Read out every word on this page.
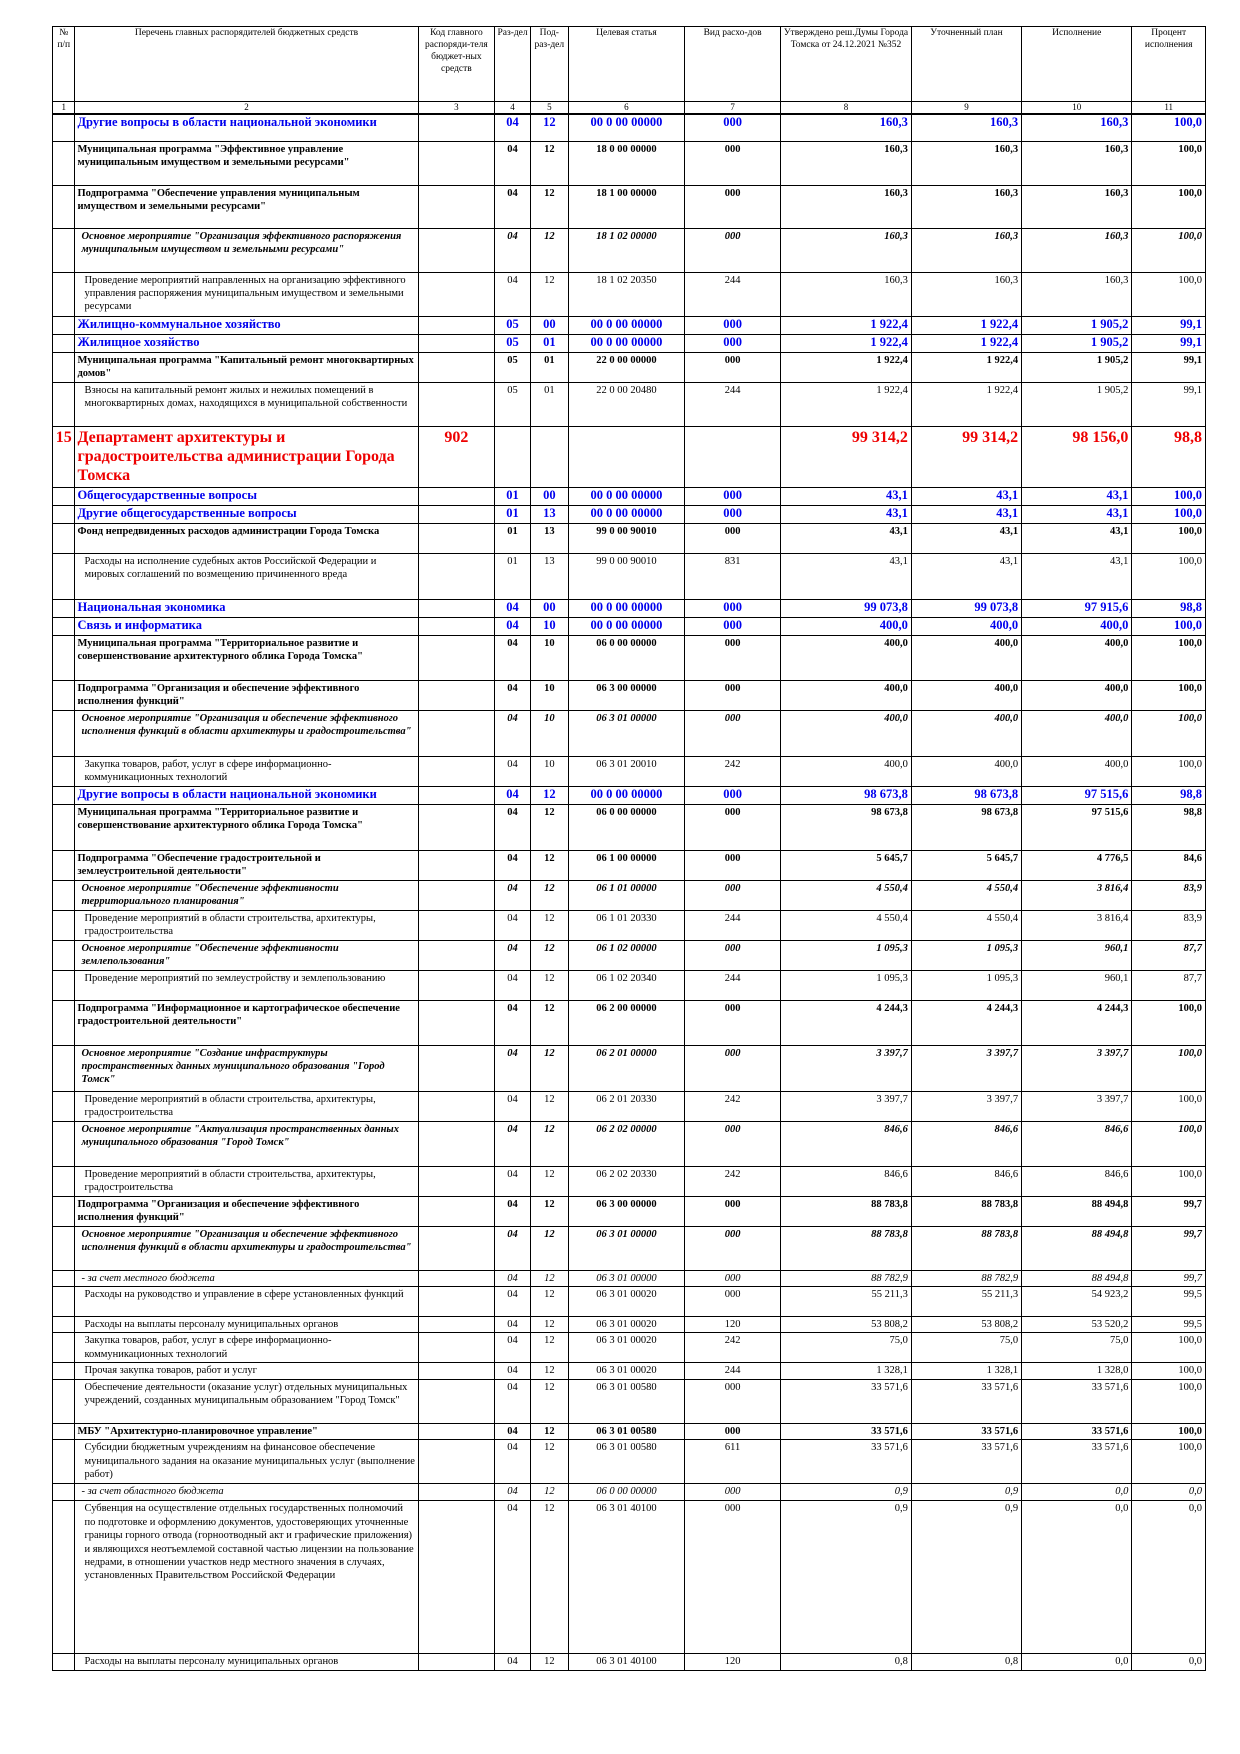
№ п/п	Перечень главных распорядителей бюджетных средств	Код главного распоряди-теля бюджет-ных средств	Раз-дел	Под-раз-дел	Целевая статья	Вид расхо-дов	Утверждено реш.Думы Города Томска от 24.12.2021 №352	Уточненный план	Исполнение	Процент исполнения
1	2	3	4	5	6	7	8	9	10	11
	Другие вопросы в области национальной экономики		04	12	00 0 00 00000	000	160,3	160,3	160,3	100,0
	Муниципальная программа "Эффективное управление муниципальным имуществом и земельными ресурсами"		04	12	18 0 00 00000	000	160,3	160,3	160,3	100,0
	Подпрограмма "Обеспечение управления муниципальным имуществом и земельными ресурсами"		04	12	18 1 00 00000	000	160,3	160,3	160,3	100,0
	Основное мероприятие "Организация эффективного распоряжения муниципальным имуществом и земельными ресурсами"		04	12	18 1 02 00000	000	160,3	160,3	160,3	100,0
	Проведение мероприятий направленных на организацию эффективного управления распоряжения муниципальным имуществом и земельными ресурсами		04	12	18 1 02 20350	244	160,3	160,3	160,3	100,0
	Жилищно-коммунальное хозяйство		05	00	00 0 00 00000	000	1 922,4	1 922,4	1 905,2	99,1
	Жилищное хозяйство		05	01	00 0 00 00000	000	1 922,4	1 922,4	1 905,2	99,1
	Муниципальная программа "Капитальный ремонт многоквартирных домов"		05	01	22 0 00 00000	000	1 922,4	1 922,4	1 905,2	99,1
	Взносы на капитальный ремонт жилых и нежилых помещений в многоквартирных домах, находящихся в муниципальной собственности		05	01	22 0 00 20480	244	1 922,4	1 922,4	1 905,2	99,1
15	Департамент архитектуры и градостроительства администрации Города Томска	902					99 314,2	99 314,2	98 156,0	98,8
	Общегосударственные вопросы		01	00	00 0 00 00000	000	43,1	43,1	43,1	100,0
	Другие общегосударственные вопросы		01	13	00 0 00 00000	000	43,1	43,1	43,1	100,0
	Фонд непредвиденных расходов администрации Города Томска		01	13	99 0 00 90010	000	43,1	43,1	43,1	100,0
	Расходы на исполнение судебных актов Российской Федерации и мировых соглашений по возмещению причиненного вреда		01	13	99 0 00 90010	831	43,1	43,1	43,1	100,0
	Национальная экономика		04	00	00 0 00 00000	000	99 073,8	99 073,8	97 915,6	98,8
	Связь и информатика		04	10	00 0 00 00000	000	400,0	400,0	400,0	100,0
	Муниципальная программа "Территориальное развитие и совершенствование архитектурного облика Города Томска"		04	10	06 0 00 00000	000	400,0	400,0	400,0	100,0
	Подпрограмма "Организация и обеспечение эффективного исполнения функций"		04	10	06 3 00 00000	000	400,0	400,0	400,0	100,0
	Основное мероприятие "Организация и обеспечение эффективного исполнения функций в области архитектуры и градостроительства"		04	10	06 3 01 00000	000	400,0	400,0	400,0	100,0
	Закупка товаров, работ, услуг в сфере информационно-коммуникационных технологий		04	10	06 3 01 20010	242	400,0	400,0	400,0	100,0
	Другие вопросы в области национальной экономики		04	12	00 0 00 00000	000	98 673,8	98 673,8	97 515,6	98,8
	Муниципальная программа "Территориальное развитие и совершенствование архитектурного облика Города Томска"		04	12	06 0 00 00000	000	98 673,8	98 673,8	97 515,6	98,8
	Подпрограмма "Обеспечение градостроительной и землеустроительной деятельности"		04	12	06 1 00 00000	000	5 645,7	5 645,7	4 776,5	84,6
	Основное мероприятие "Обеспечение эффективности территориального планирования"		04	12	06 1 01 00000	000	4 550,4	4 550,4	3 816,4	83,9
	Проведение мероприятий в области строительства, архитектуры, градостроительства		04	12	06 1 01 20330	244	4 550,4	4 550,4	3 816,4	83,9
	Основное мероприятие "Обеспечение эффективности землепользования"		04	12	06 1 02 00000	000	1 095,3	1 095,3	960,1	87,7
	Проведение мероприятий по землеустройству и землепользованию		04	12	06 1 02 20340	244	1 095,3	1 095,3	960,1	87,7
	Подпрограмма "Информационное и картографическое обеспечение градостроительной деятельности"		04	12	06 2 00 00000	000	4 244,3	4 244,3	4 244,3	100,0
	Основное мероприятие "Создание инфраструктуры пространственных данных муниципального образования "Город Томск"		04	12	06 2 01 00000	000	3 397,7	3 397,7	3 397,7	100,0
	Проведение мероприятий в области строительства, архитектуры, градостроительства		04	12	06 2 01 20330	242	3 397,7	3 397,7	3 397,7	100,0
	Основное мероприятие "Актуализация пространственных данных муниципального образования "Город Томск"		04	12	06 2 02 00000	000	846,6	846,6	846,6	100,0
	Проведение мероприятий в области строительства, архитектуры, градостроительства		04	12	06 2 02 20330	242	846,6	846,6	846,6	100,0
	Подпрограмма "Организация и обеспечение эффективного исполнения функций"		04	12	06 3 00 00000	000	88 783,8	88 783,8	88 494,8	99,7
	Основное мероприятие "Организация и обеспечение эффективного исполнения функций в области архитектуры и градостроительства"		04	12	06 3 01 00000	000	88 783,8	88 783,8	88 494,8	99,7
	- за счет местного бюджета		04	12	06 3 01 00000	000	88 782,9	88 782,9	88 494,8	99,7
	Расходы на руководство и управление в сфере установленных функций		04	12	06 3 01 00020	000	55 211,3	55 211,3	54 923,2	99,5
	Расходы на выплаты персоналу муниципальных органов		04	12	06 3 01 00020	120	53 808,2	53 808,2	53 520,2	99,5
	Закупка товаров, работ, услуг в сфере информационно-коммуникационных технологий		04	12	06 3 01 00020	242	75,0	75,0	75,0	100,0
	Прочая закупка товаров, работ и услуг		04	12	06 3 01 00020	244	1 328,1	1 328,1	1 328,0	100,0
	Обеспечение деятельности (оказание услуг) отдельных муниципальных учреждений, созданных муниципальным образованием "Город Томск"		04	12	06 3 01 00580	000	33 571,6	33 571,6	33 571,6	100,0
	МБУ "Архитектурно-планировочное управление"		04	12	06 3 01 00580	000	33 571,6	33 571,6	33 571,6	100,0
	Субсидии бюджетным учреждениям на финансовое обеспечение муниципального задания на оказание муниципальных услуг (выполнение работ)		04	12	06 3 01 00580	611	33 571,6	33 571,6	33 571,6	100,0
	- за счет областного бюджета		04	12	06 0 00 00000	000	0,9	0,9	0,0	0,0
	Субвенция на осуществление отдельных государственных полномочий по подготовке и оформлению документов, удостоверяющих уточненные границы горного отвода (горноотводный акт и графические приложения) и являющихся неотъемлемой составной частью лицензии на пользование недрами, в отношении участков недр местного значения в случаях, установленных Правительством Российской Федерации		04	12	06 3 01 40100	000	0,9	0,9	0,0	0,0
	Расходы на выплаты персоналу муниципальных органов		04	12	06 3 01 40100	120	0,8	0,8	0,0	0,0
